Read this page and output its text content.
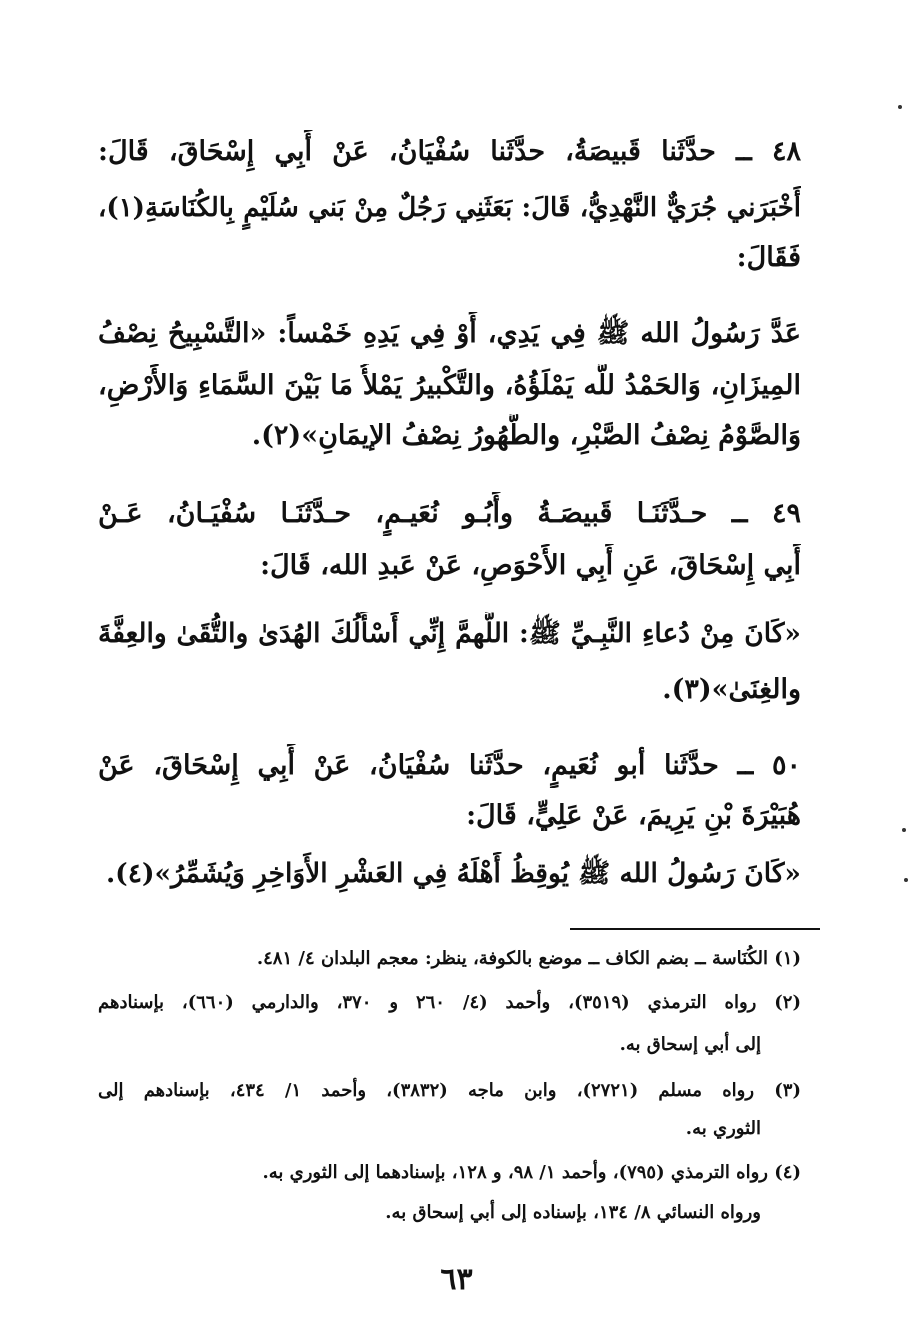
٤٨ ــ حدَّثَنا قَبيصَةُ، حدَّثَنا سُفْيَانُ، عَنْ أَبِي إِسْحَاقَ، قَالَ:
أَخْبَرَني جُرَيٌّ النَّهْدِيُّ، قَالَ: بَعَثَنِي رَجُلٌ مِنْ بَني سُلَيْمٍ بِالكُنَاسَةِ(١)،
فَقَالَ:
عَدَّ رَسُولُ الله ﷺ فِي يَدِي، أَوْ فِي يَدِهِ خَمْساً: «التَّسْبِيحُ نِصْفُ
المِيزَانِ، وَالحَمْدُ للَّه يَمْلَؤُهُ، والتَّكْبيرُ يَمْلأُ مَا بَيْنَ السَّمَاءِ وَالأَرْضِ،
وَالصَّوْمُ نِصْفُ الصَّبْرِ، والطُّهُورُ نِصْفُ الإيمَانِ»(٢).
٤٩ ــ حـدَّثَنَـا قَبيصَـةُ وأَبُـو نُعَيـمٍ، حـدَّثَنَـا سُفْيَـانُ، عَـنْ
أَبِي إِسْحَاقَ، عَنِ أَبِي الأَحْوَصِ، عَنْ عَبدِ الله، قَالَ:
«كَانَ مِنْ دُعاءِ النَّبِـيِّ ﷺ: اللَّهمَّ إِنِّي أَسْأَلُكَ الهُدَىٰ والتُّقَىٰ والعِفَّةَ
والغِنَىٰ»(٣).
٥٠ ــ حدَّثَنا أبو نُعَيمٍ، حدَّثَنا سُفْيَانُ، عَنْ أَبِي إِسْحَاقَ، عَنْ
هُبَيْرَةَ بْنِ يَرِيمَ، عَنْ عَلِيٍّ، قَالَ:
«كَانَ رَسُولُ الله ﷺ يُوقِظُ أَهْلَهُ فِي العَشْرِ الأَوَاخِرِ وَيُشَمِّرُ»(٤).
(١) الكُنَاسة ــ بضم الكاف ــ موضع بالكوفة، ينظر: معجم البلدان ٤/ ٤٨١.
(٢) رواه الترمذي (٣٥١٩)، وأحمد (٤/ ٢٦٠ و ٣٧٠، والدارمي (٦٦٠)، بإسنادهم
إلى أبي إسحاق به.
(٣) رواه مسلم (٢٧٢١)، وابن ماجه (٣٨٣٢)، وأحمد ١/ ٤٣٤، بإسنادهم إلى
الثوري به.
(٤) رواه الترمذي (٧٩٥)، وأحمد ١/ ٩٨، و ١٢٨، بإسنادهما إلى الثوري به.
ورواه النسائي ٨/ ١٣٤، بإسناده إلى أبي إسحاق به.
٦٣
